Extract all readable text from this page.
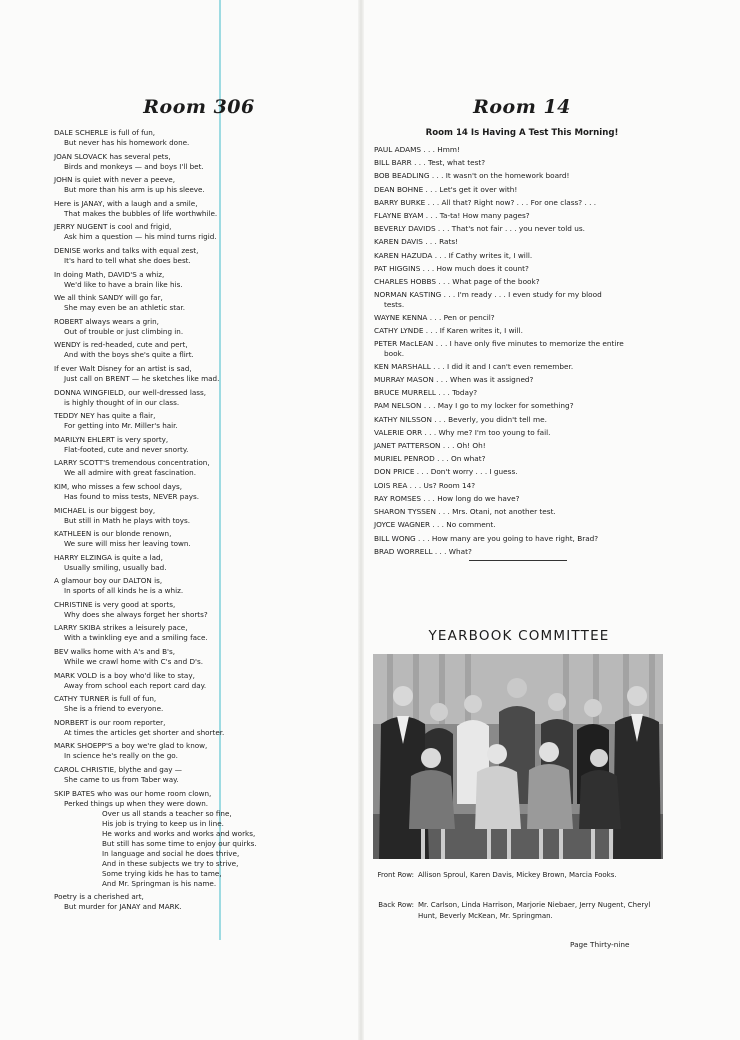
Room 306
DALE SCHERLE is full of fun,
But never has his homework done.
JOAN SLOVACK has several pets,
Birds and monkeys — and boys I'll bet.
JOHN is quiet with never a peeve,
But more than his arm is up his sleeve.
Here is JANAY, with a laugh and a smile,
That makes the bubbles of life worthwhile.
JERRY NUGENT is cool and frigid,
Ask him a question — his mind turns rigid.
DENISE works and talks with equal zest,
It's hard to tell what she does best.
In doing Math, DAVID'S a whiz,
We'd like to have a brain like his.
We all think SANDY will go far,
She may even be an athletic star.
ROBERT always wears a grin,
Out of trouble or just climbing in.
WENDY is red-headed, cute and pert,
And with the boys she's quite a flirt.
If ever Walt Disney for an artist is sad,
Just call on BRENT — he sketches like mad.
DONNA WINGFIELD, our well-dressed lass,
is highly thought of in our class.
TEDDY NEY has quite a flair,
For getting into Mr. Miller's hair.
MARILYN EHLERT is very sporty,
Flat-footed, cute and never snorty.
LARRY SCOTT'S tremendous concentration,
We all admire with great fascination.
KIM, who misses a few school days,
Has found to miss tests, NEVER pays.
MICHAEL is our biggest boy,
But still in Math he plays with toys.
KATHLEEN is our blonde renown,
We sure will miss her leaving town.
HARRY ELZINGA is quite a lad,
Usually smiling, usually bad.
A glamour boy our DALTON is,
In sports of all kinds he is a whiz.
CHRISTINE is very good at sports,
Why does she always forget her shorts?
LARRY SKIBA strikes a leisurely pace,
With a twinkling eye and a smiling face.
BEV walks home with A's and B's,
While we crawl home with C's and D's.
MARK VOLD is a boy who'd like to stay,
Away from school each report card day.
CATHY TURNER is full of fun,
She is a friend to everyone.
NORBERT is our room reporter,
At times the articles get shorter and shorter.
MARK SHOEPP'S a boy we're glad to know,
In science he's really on the go.
CAROL CHRISTIE, blythe and gay —
She came to us from Taber way.
SKIP BATES who was our home room clown,
Perked things up when they were down.
Over us all stands a teacher so fine,
His job is trying to keep us in line.
He works and works and works and works,
But still has some time to enjoy our quirks.
In language and social he does thrive,
And in these subjects we try to strive,
Some trying kids he has to tame,
And Mr. Springman is his name.
Poetry is a cherished art,
But murder for JANAY and MARK.
Room 14
Room 14 Is Having A Test This Morning!
PAUL ADAMS . . . Hmm!
BILL BARR . . . Test, what test?
BOB BEADLING . . . It wasn't on the homework board!
DEAN BOHNE . . . Let's get it over with!
BARRY BURKE . . . All that? Right now? . . . For one class? . . .
FLAYNE BYAM . . . Ta-ta! How many pages?
BEVERLY DAVIDS . . . That's not fair . . . you never told us.
KAREN DAVIS . . . Rats!
KAREN HAZUDA . . . If Cathy writes it, I will.
PAT HIGGINS . . . How much does it count?
CHARLES HOBBS . . . What page of the book?
NORMAN KASTING . . . I'm ready . . . I even study for my blood
tests.
WAYNE KENNA . . . Pen or pencil?
CATHY LYNDE . . . If Karen writes it, I will.
PETER MacLEAN . . . I have only five minutes to memorize the entire
book.
KEN MARSHALL . . . I did it and I can't even remember.
MURRAY MASON . . . When was it assigned?
BRUCE MURRELL . . . Today?
PAM NELSON . . . May I go to my locker for something?
KATHY NILSSON . . . Beverly, you didn't tell me.
VALERIE ORR . . . Why me? I'm too young to fail.
JANET PATTERSON . . . Oh! Oh!
MURIEL PENROD . . . On what?
DON PRICE . . . Don't worry . . . I guess.
LOIS REA . . . Us? Room 14?
RAY ROMSES . . . How long do we have?
SHARON TYSSEN . . . Mrs. Otani, not another test.
JOYCE WAGNER . . . No comment.
BILL WONG . . . How many are you going to have right, Brad?
BRAD WORRELL . . . What?
YEARBOOK COMMITTEE
Front Row: Allison Sproul, Karen Davis, Mickey Brown, Marcia Fooks.
Back Row: Mr. Carlson, Linda Harrison, Marjorie Niebaer, Jerry Nugent, Cheryl Hunt, Beverly McKean, Mr. Springman.
Page Thirty-nine
